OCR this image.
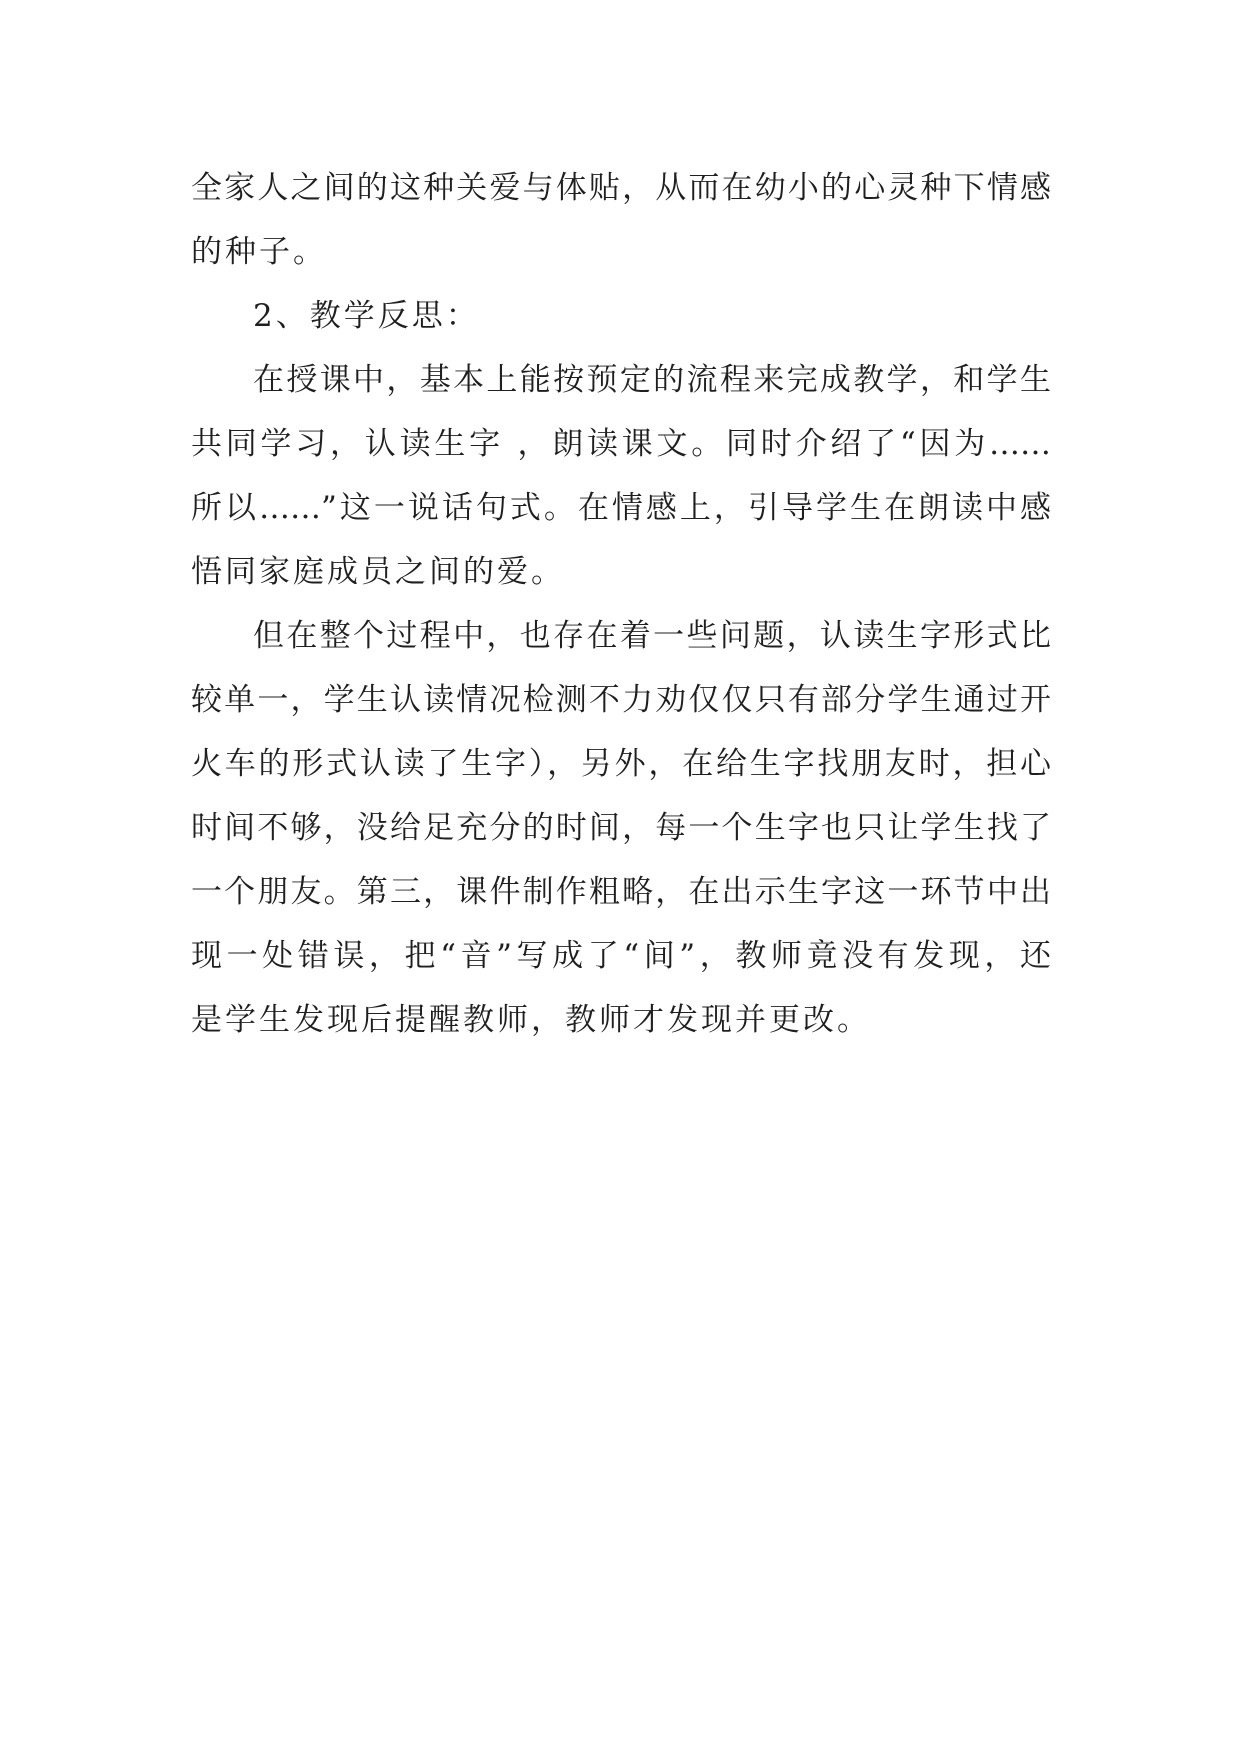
全家人之间的这种关爱与体贴，从而在幼小的心灵种下情感
的种子。
2、教学反思：
在授课中，基本上能按预定的流程来完成教学，和学生
共同学习，认读生字 ，朗读课文。同时介绍了“因为……
所以……”这一说话句式。在情感上，引导学生在朗读中感
悟同家庭成员之间的爱。
但在整个过程中，也存在着一些问题，认读生字形式比
较单一，学生认读情况检测不力劝仅仅只有部分学生通过开
火车的形式认读了生字），另外，在给生字找朋友时，担心
时间不够，没给足充分的时间，每一个生字也只让学生找了
一个朋友。第三，课件制作粗略，在出示生字这一环节中出
现一处错误，把“音”写成了“间”，教师竟没有发现，还
是学生发现后提醒教师，教师才发现并更改。
